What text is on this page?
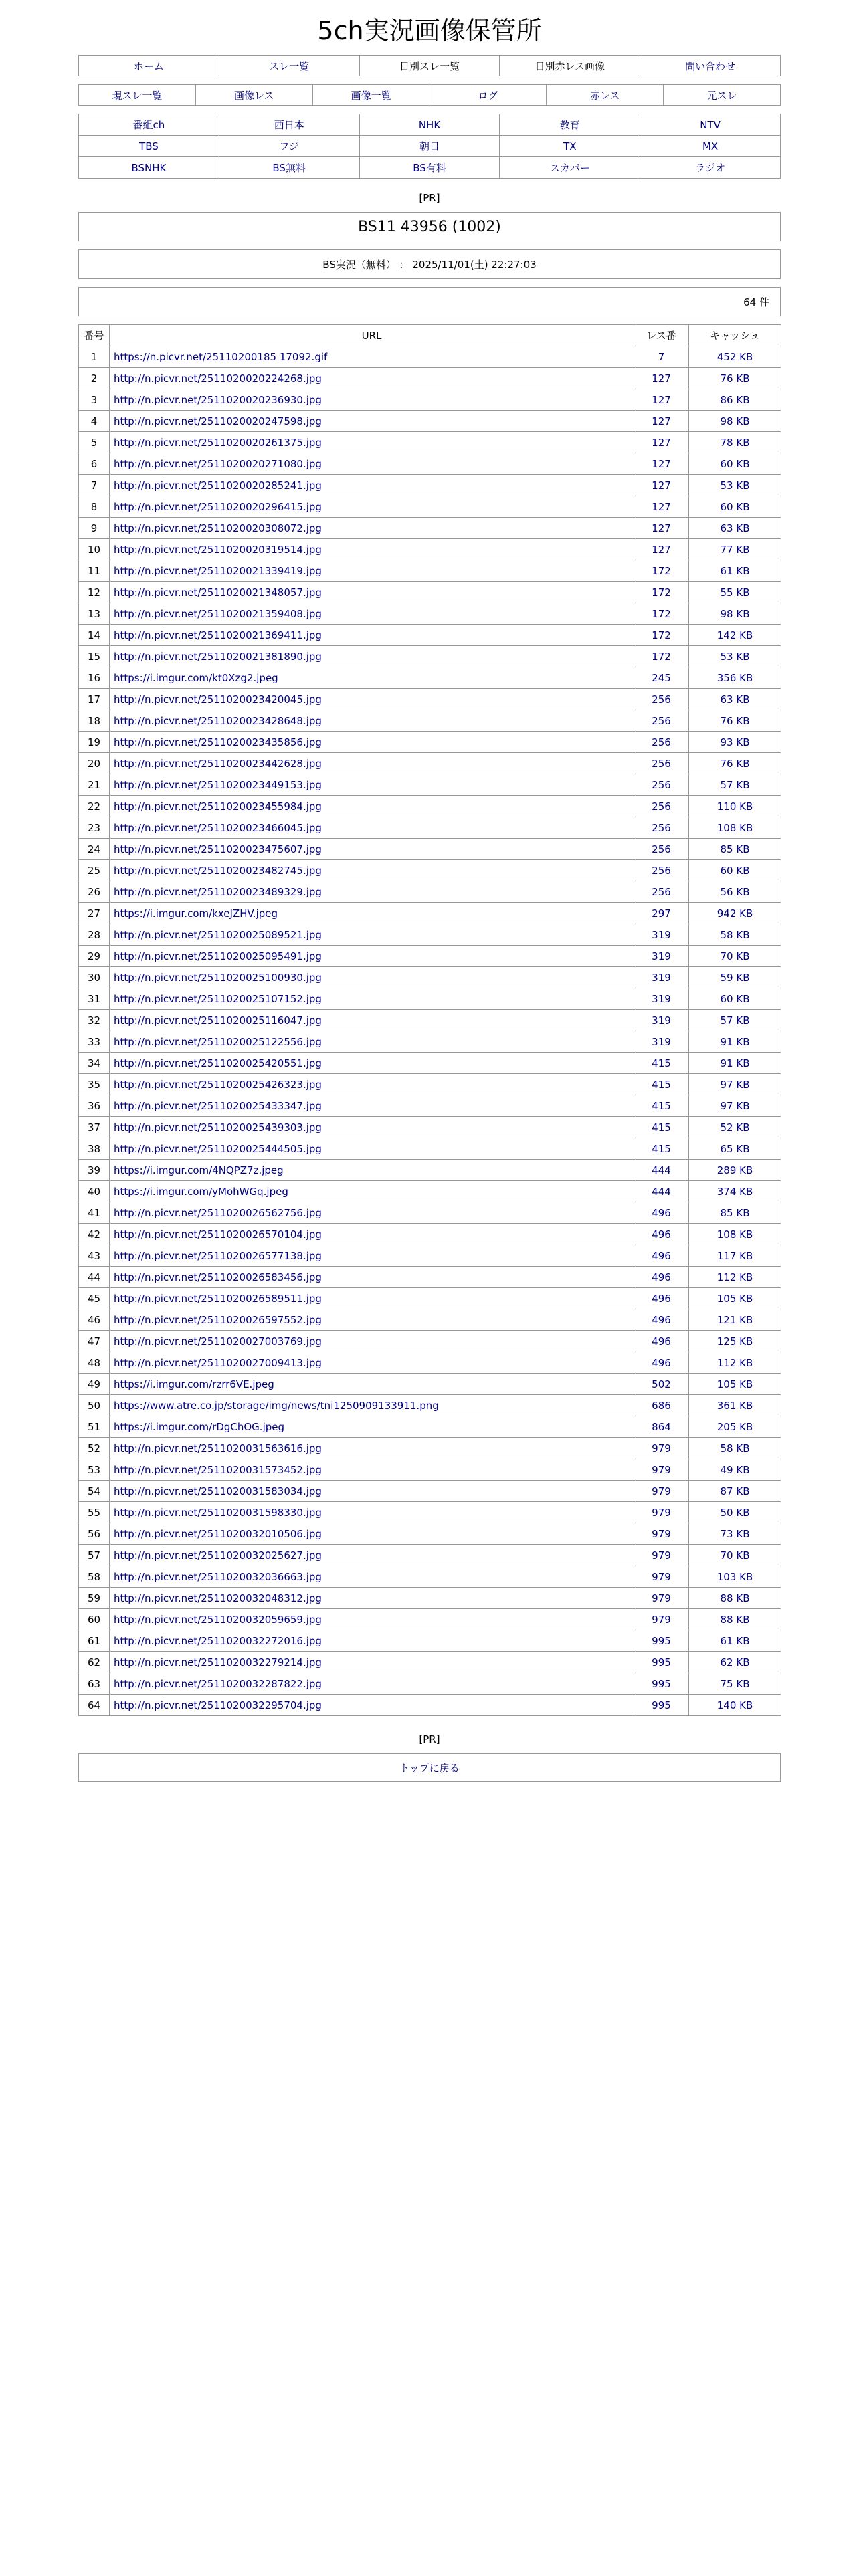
5ch実況画像保管所
ホーム	スレ一覧	日別スレ一覧	日別赤レス画像	問い合わせ
現スレ一覧	画像レス	画像一覧	ログ	赤レス	元スレ
番組ch	西日本	NHK	教育	NTV
TBS	フジ	朝日	TX	MX
BSNHK	BS無料	BS有料	スカパー	ラジオ
[PR]
BS11 43956 (1002)
BS実況（無料） ： 2025/11/01(土) 22:27:03
64 件
番号	URL	レス番	キャッシュ
1	https://n.picvr.net/25110200185 17092.gif	7	452 KB
2	http://n.picvr.net/2511020020224268.jpg	127	76 KB
3	http://n.picvr.net/2511020020236930.jpg	127	86 KB
4	http://n.picvr.net/2511020020247598.jpg	127	98 KB
5	http://n.picvr.net/2511020020261375.jpg	127	78 KB
6	http://n.picvr.net/2511020020271080.jpg	127	60 KB
7	http://n.picvr.net/2511020020285241.jpg	127	53 KB
8	http://n.picvr.net/2511020020296415.jpg	127	60 KB
9	http://n.picvr.net/2511020020308072.jpg	127	63 KB
10	http://n.picvr.net/2511020020319514.jpg	127	77 KB
11	http://n.picvr.net/2511020021339419.jpg	172	61 KB
12	http://n.picvr.net/2511020021348057.jpg	172	55 KB
13	http://n.picvr.net/2511020021359408.jpg	172	98 KB
14	http://n.picvr.net/2511020021369411.jpg	172	142 KB
15	http://n.picvr.net/2511020021381890.jpg	172	53 KB
16	https://i.imgur.com/kt0Xzg2.jpeg	245	356 KB
17	http://n.picvr.net/2511020023420045.jpg	256	63 KB
18	http://n.picvr.net/2511020023428648.jpg	256	76 KB
19	http://n.picvr.net/2511020023435856.jpg	256	93 KB
20	http://n.picvr.net/2511020023442628.jpg	256	76 KB
21	http://n.picvr.net/2511020023449153.jpg	256	57 KB
22	http://n.picvr.net/2511020023455984.jpg	256	110 KB
23	http://n.picvr.net/2511020023466045.jpg	256	108 KB
24	http://n.picvr.net/2511020023475607.jpg	256	85 KB
25	http://n.picvr.net/2511020023482745.jpg	256	60 KB
26	http://n.picvr.net/2511020023489329.jpg	256	56 KB
27	https://i.imgur.com/kxeJZHV.jpeg	297	942 KB
28	http://n.picvr.net/2511020025089521.jpg	319	58 KB
29	http://n.picvr.net/2511020025095491.jpg	319	70 KB
30	http://n.picvr.net/2511020025100930.jpg	319	59 KB
31	http://n.picvr.net/2511020025107152.jpg	319	60 KB
32	http://n.picvr.net/2511020025116047.jpg	319	57 KB
33	http://n.picvr.net/2511020025122556.jpg	319	91 KB
34	http://n.picvr.net/2511020025420551.jpg	415	91 KB
35	http://n.picvr.net/2511020025426323.jpg	415	97 KB
36	http://n.picvr.net/2511020025433347.jpg	415	97 KB
37	http://n.picvr.net/2511020025439303.jpg	415	52 KB
38	http://n.picvr.net/2511020025444505.jpg	415	65 KB
39	https://i.imgur.com/4NQPZ7z.jpeg	444	289 KB
40	https://i.imgur.com/yMohWGq.jpeg	444	374 KB
41	http://n.picvr.net/2511020026562756.jpg	496	85 KB
42	http://n.picvr.net/2511020026570104.jpg	496	108 KB
43	http://n.picvr.net/2511020026577138.jpg	496	117 KB
44	http://n.picvr.net/2511020026583456.jpg	496	112 KB
45	http://n.picvr.net/2511020026589511.jpg	496	105 KB
46	http://n.picvr.net/2511020026597552.jpg	496	121 KB
47	http://n.picvr.net/2511020027003769.jpg	496	125 KB
48	http://n.picvr.net/2511020027009413.jpg	496	112 KB
49	https://i.imgur.com/rzrr6VE.jpeg	502	105 KB
50	https://www.atre.co.jp/storage/img/news/tni1250909133911.png	686	361 KB
51	https://i.imgur.com/rDgChOG.jpeg	864	205 KB
52	http://n.picvr.net/2511020031563616.jpg	979	58 KB
53	http://n.picvr.net/2511020031573452.jpg	979	49 KB
54	http://n.picvr.net/2511020031583034.jpg	979	87 KB
55	http://n.picvr.net/2511020031598330.jpg	979	50 KB
56	http://n.picvr.net/2511020032010506.jpg	979	73 KB
57	http://n.picvr.net/2511020032025627.jpg	979	70 KB
58	http://n.picvr.net/2511020032036663.jpg	979	103 KB
59	http://n.picvr.net/2511020032048312.jpg	979	88 KB
60	http://n.picvr.net/2511020032059659.jpg	979	88 KB
61	http://n.picvr.net/2511020032272016.jpg	995	61 KB
62	http://n.picvr.net/2511020032279214.jpg	995	62 KB
63	http://n.picvr.net/2511020032287822.jpg	995	75 KB
64	http://n.picvr.net/2511020032295704.jpg	995	140 KB
[PR]
トップに戻る
